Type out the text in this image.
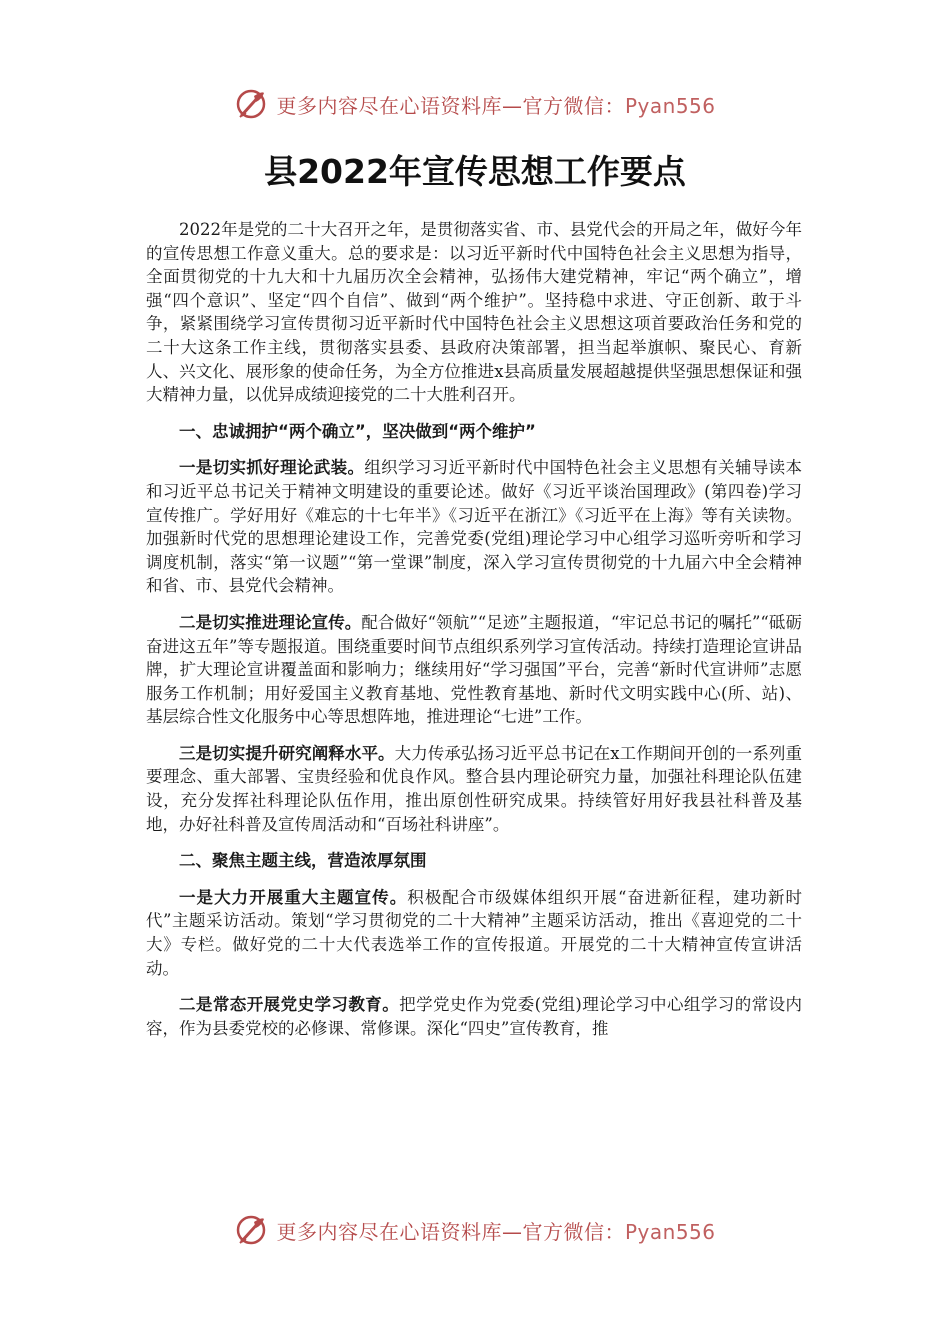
更多内容尽在心语资料库—官方微信：Pyan556
县2022年宣传思想工作要点

2022年是党的二十大召开之年，是贯彻落实省、市、县党代会的开局之年，做好今年的宣传思想工作意义重大。总的要求是：以习近平新时代中国特色社会主义思想为指导，全面贯彻党的十九大和十九届历次全会精神，弘扬伟大建党精神，牢记“两个确立”，增强“四个意识”、坚定“四个自信”、做到“两个维护”。坚持稳中求进、守正创新、敢于斗争，紧紧围绕学习宣传贯彻习近平新时代中国特色社会主义思想这项首要政治任务和党的二十大这条工作主线，贯彻落实县委、县政府决策部署，担当起举旗帜、聚民心、育新人、兴文化、展形象的使命任务，为全方位推进x县高质量发展超越提供坚强思想保证和强大精神力量，以优异成绩迎接党的二十大胜利召开。

一、忠诚拥护“两个确立”，坚决做到“两个维护”

一是切实抓好理论武装。组织学习习近平新时代中国特色社会主义思想有关辅导读本和习近平总书记关于精神文明建设的重要论述。做好《习近平谈治国理政》(第四卷)学习宣传推广。学好用好《难忘的十七年半》《习近平在浙江》《习近平在上海》等有关读物。加强新时代党的思想理论建设工作，完善党委(党组)理论学习中心组学习巡听旁听和学习调度机制，落实“第一议题”“第一堂课”制度，深入学习宣传贯彻党的十九届六中全会精神和省、市、县党代会精神。

二是切实推进理论宣传。配合做好“领航”“足迹”主题报道，“牢记总书记的嘱托”“砥砺奋进这五年”等专题报道。围绕重要时间节点组织系列学习宣传活动。持续打造理论宣讲品牌，扩大理论宣讲覆盖面和影响力；继续用好“学习强国”平台，完善“新时代宣讲师”志愿服务工作机制；用好爱国主义教育基地、党性教育基地、新时代文明实践中心(所、站)、基层综合性文化服务中心等思想阵地，推进理论“七进”工作。

三是切实提升研究阐释水平。大力传承弘扬习近平总书记在x工作期间开创的一系列重要理念、重大部署、宝贵经验和优良作风。整合县内理论研究力量，加强社科理论队伍建设，充分发挥社科理论队伍作用，推出原创性研究成果。持续管好用好我县社科普及基地，办好社科普及宣传周活动和“百场社科讲座”。

二、聚焦主题主线，营造浓厚氛围

一是大力开展重大主题宣传。积极配合市级媒体组织开展“奋进新征程，建功新时代”主题采访活动。策划“学习贯彻党的二十大精神”主题采访活动，推出《喜迎党的二十大》专栏。做好党的二十大代表选举工作的宣传报道。开展党的二十大精神宣传宣讲活动。

二是常态开展党史学习教育。把学党史作为党委(党组)理论学习中心组学习的常设内容，作为县委党校的必修课、常修课。深化“四史”宣传教育，推

更多内容尽在心语资料库—官方微信：Pyan556
